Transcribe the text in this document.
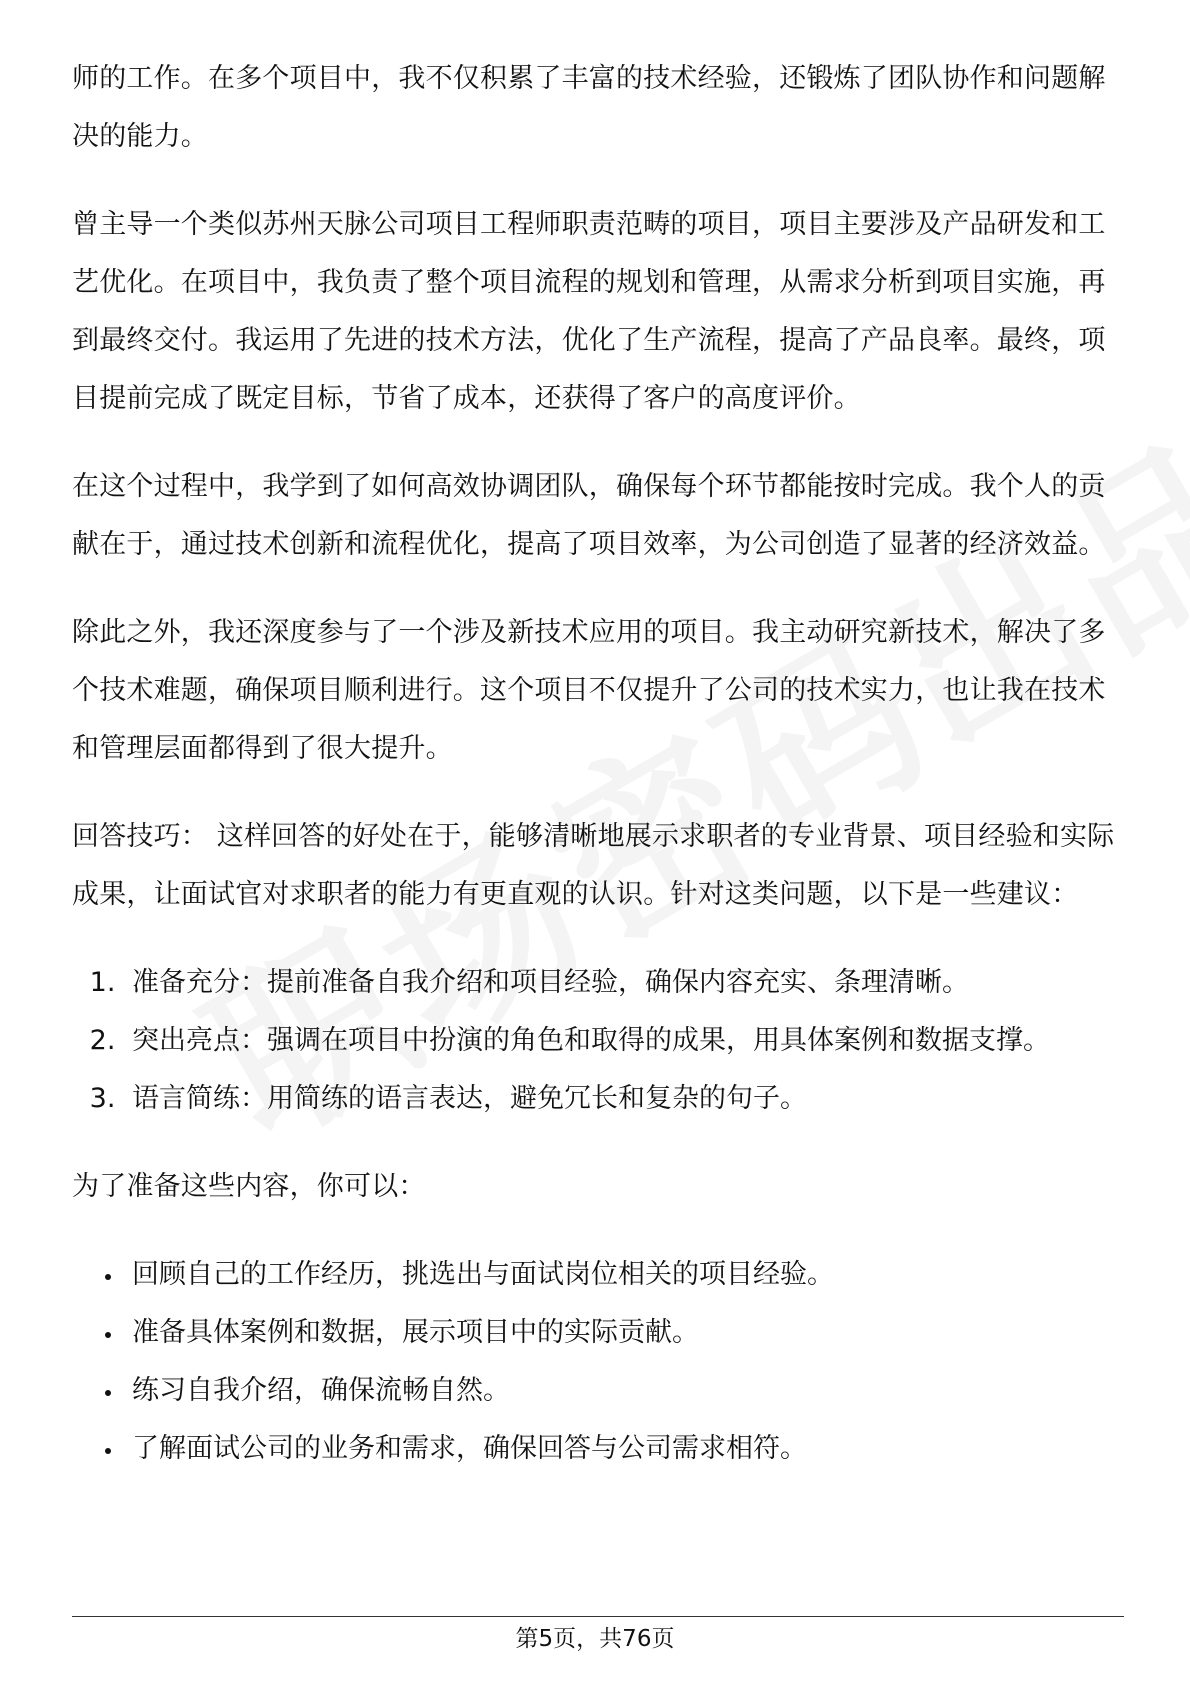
师的工作。在多个项目中，我不仅积累了丰富的技术经验，还锻炼了团队协作和问题解决的能力。

曾主导一个类似苏州天脉公司项目工程师职责范畴的项目，项目主要涉及产品研发和工艺优化。在项目中，我负责了整个项目流程的规划和管理，从需求分析到项目实施，再到最终交付。我运用了先进的技术方法，优化了生产流程，提高了产品良率。最终，项目提前完成了既定目标，节省了成本，还获得了客户的高度评价。

在这个过程中，我学到了如何高效协调团队，确保每个环节都能按时完成。我个人的贡献在于，通过技术创新和流程优化，提高了项目效率，为公司创造了显著的经济效益。

除此之外，我还深度参与了一个涉及新技术应用的项目。我主动研究新技术，解决了多个技术难题，确保项目顺利进行。这个项目不仅提升了公司的技术实力，也让我在技术和管理层面都得到了很大提升。

回答技巧： 这样回答的好处在于，能够清晰地展示求职者的专业背景、项目经验和实际成果，让面试官对求职者的能力有更直观的认识。针对这类问题，以下是一些建议：

1. 准备充分：提前准备自我介绍和项目经验，确保内容充实、条理清晰。
2. 突出亮点：强调在项目中扮演的角色和取得的成果，用具体案例和数据支撑。
3. 语言简练：用简练的语言表达，避免冗长和复杂的句子。

为了准备这些内容，你可以：

• 回顾自己的工作经历，挑选出与面试岗位相关的项目经验。
• 准备具体案例和数据，展示项目中的实际贡献。
• 练习自我介绍，确保流畅自然。
• 了解面试公司的业务和需求，确保回答与公司需求相符。
第5页，共76页
